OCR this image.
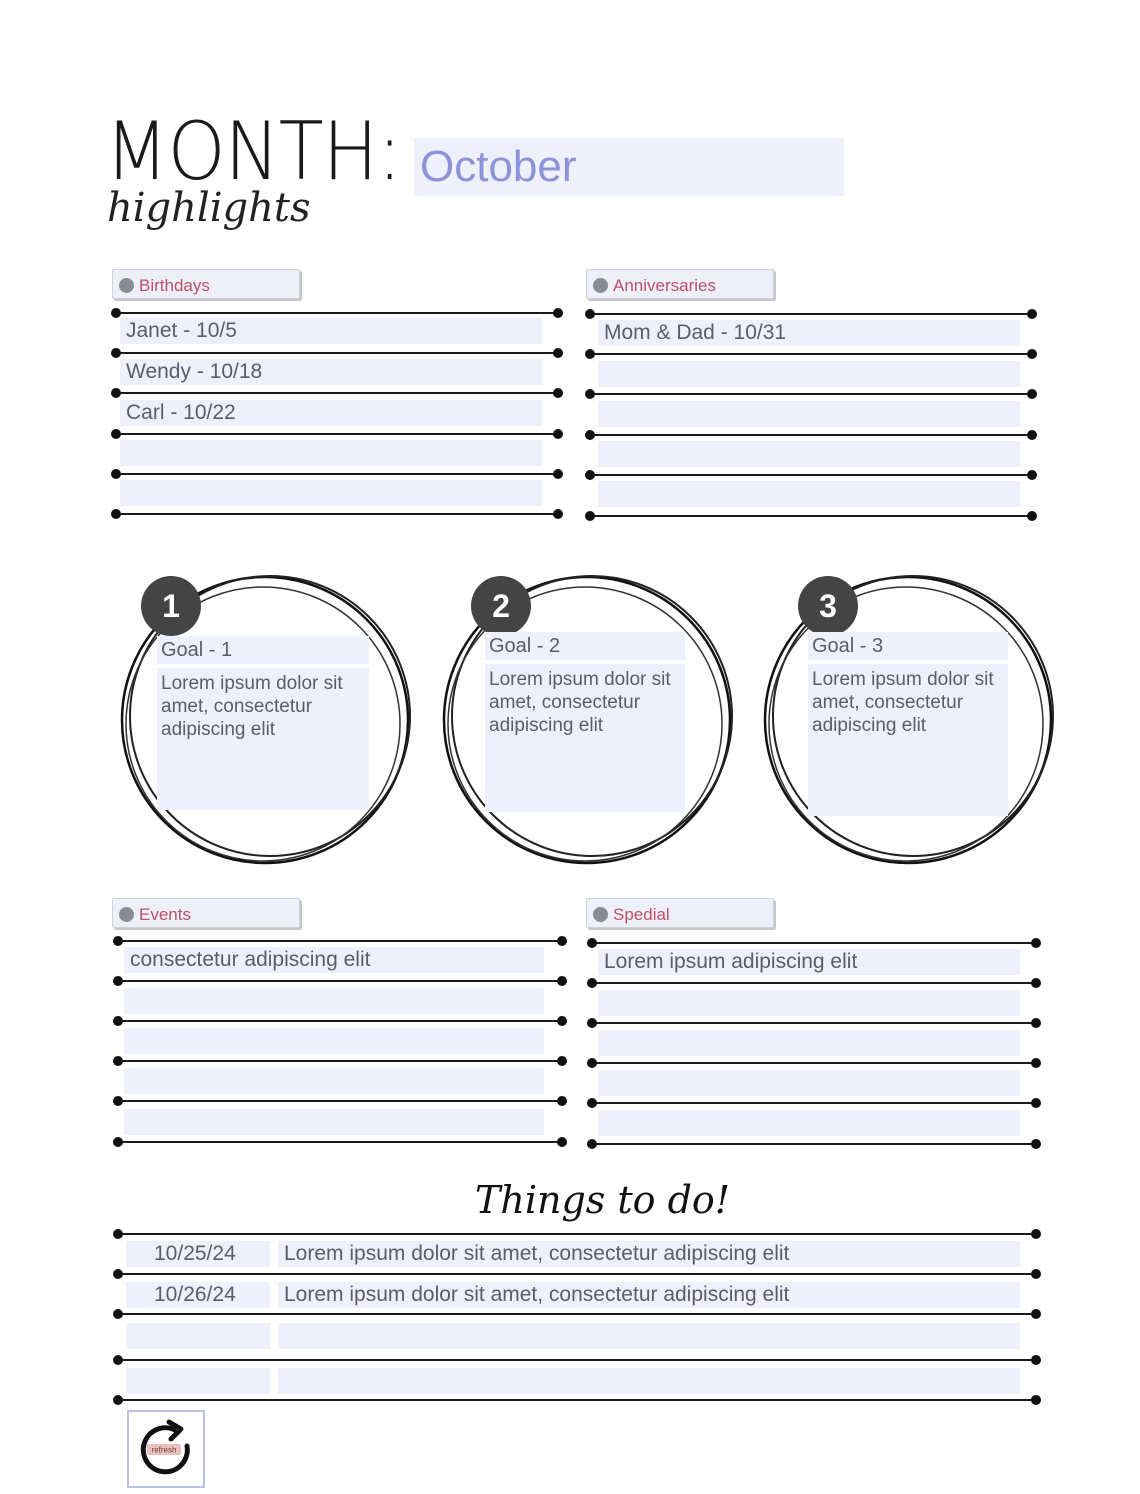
MONTH:
highlights
October
Birthdays
Janet - 10/5
Wendy - 10/18
Carl - 10/22
Anniversaries
Mom & Dad - 10/31
1
Goal - 1
Lorem ipsum dolor sit amet, consectetur adipiscing elit
2
Goal - 2
Lorem ipsum dolor sit amet, consectetur adipiscing elit
3
Goal - 3
Lorem ipsum dolor sit amet, consectetur adipiscing elit
Events
consectetur adipiscing elit
Spedial
Lorem ipsum adipiscing elit
Things to do!
10/25/24	Lorem ipsum dolor sit amet, consectetur adipiscing elit
10/26/24	Lorem ipsum dolor sit amet, consectetur adipiscing elit
refresh
